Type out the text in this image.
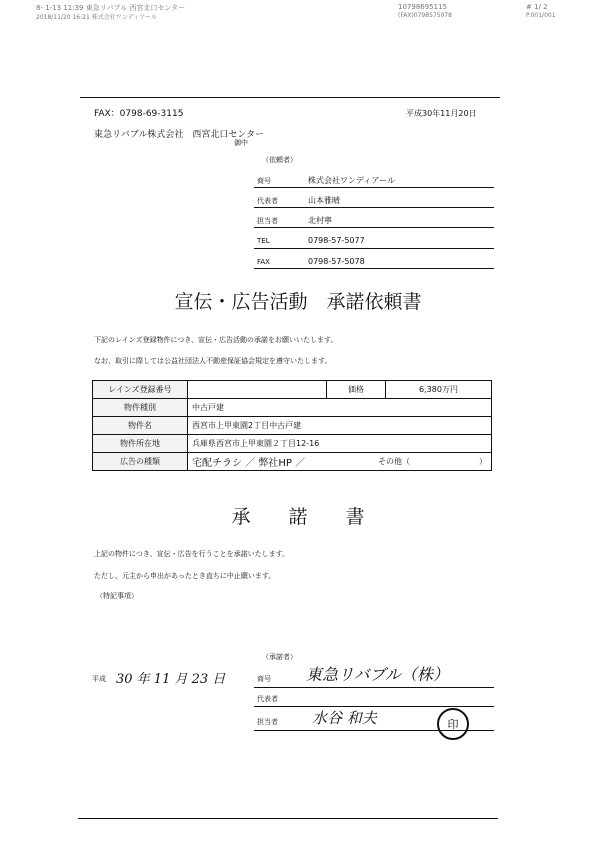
8- 1-13 11:39 東急リバブル 西宮北口センター	10798695115	# 1/ 2
2018/11/20 16:21 株式会社ワンディアール	(FAX)0798575078	P.001/001
FAX：0798-69-3115	平成30年11月20日
東急リバブル株式会社　西宮北口センター
御中
（依頼者）
商号	株式会社ワンディアール
代表者	山本雅晴
担当者	北村寧
TEL	0798-57-5077
FAX	0798-57-5078
宣伝・広告活動　承諾依頼書
下記のレインズ登録物件につき、宣伝・広告活動の承諾をお願いいたします。
なお、取引に際しては公益社団法人不動産保証協会規定を遵守いたします。
レインズ登録番号		価格	6,380万円
物件種別	中古戸建		
物件名	西宮市上甲東園2丁目中古戸建		
物件所在地	兵庫県西宮市上甲東園２丁目12-16		
広告の種類	宅配チラシ ／ 弊社HP ／ その他（ ）		
承　　諾　　書
上記の物件につき、宣伝・広告を行うことを承諾いたします。
ただし、元主から申出があったとき直ちに中止願います。
（特記事項）
平成 30 年 11 月 23 日
（承諾者）
商号 東急リバブル（株）
代表者
担当者 水谷 和夫	印
